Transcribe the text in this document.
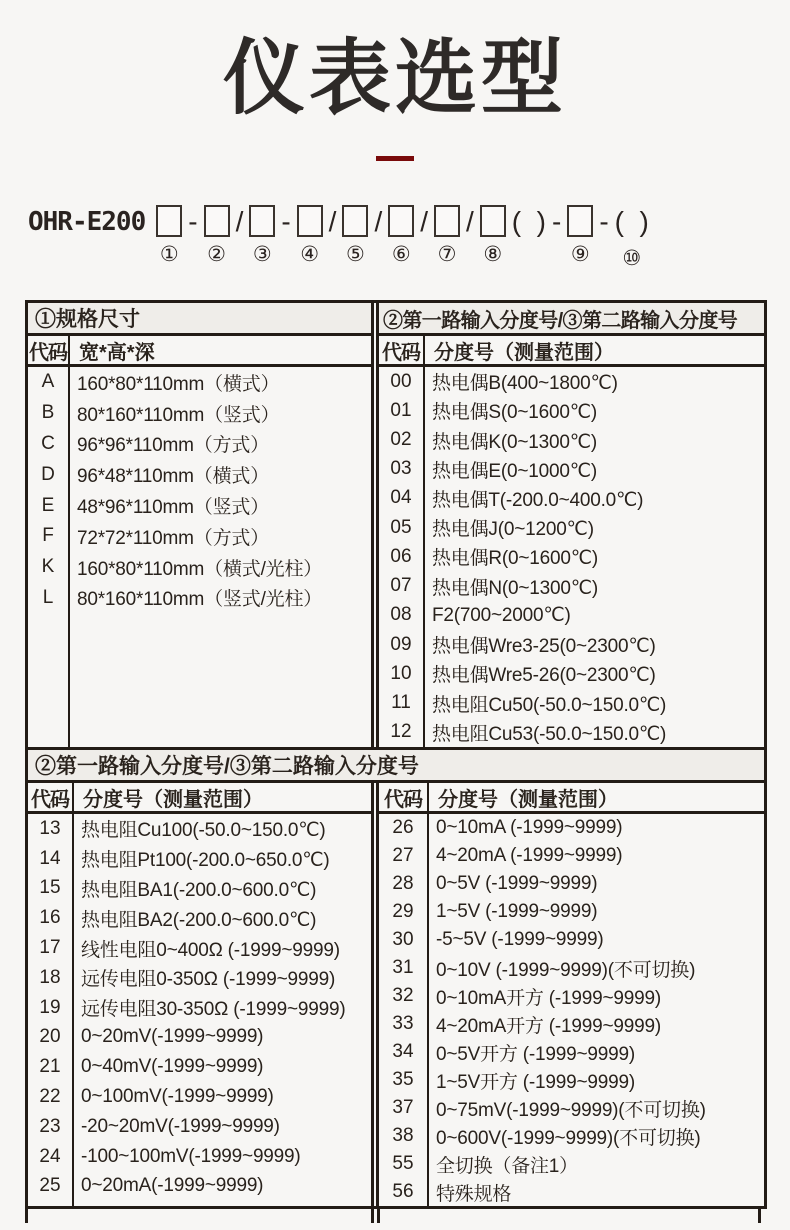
仪表选型
OHR-E200
①
-
②
/
③
-
④
/
⑤
/
⑥
/
⑦
/
⑧
(  ) -
⑨
- (  )
⑩
①规格尺寸	②第一路输入分度号/③第二路输入分度号
代码 宽*高*深	代码 分度号（测量范围）
A	160*80*110mm（横式）
B	80*160*110mm（竖式）
C	96*96*110mm（方式）
D	96*48*110mm（横式）
E	48*96*110mm（竖式）
F	72*72*110mm（方式）
K	160*80*110mm（横式/光柱）
L	80*160*110mm（竖式/光柱）
00	热电偶B(400~1800℃)
01	热电偶S(0~1600℃)
02	热电偶K(0~1300℃)
03	热电偶E(0~1000℃)
04	热电偶T(-200.0~400.0℃)
05	热电偶J(0~1200℃)
06	热电偶R(0~1600℃)
07	热电偶N(0~1300℃)
08	F2(700~2000℃)
09	热电偶Wre3-25(0~2300℃)
10	热电偶Wre5-26(0~2300℃)
11	热电阻Cu50(-50.0~150.0℃)
12	热电阻Cu53(-50.0~150.0℃)
②第一路输入分度号/③第二路输入分度号
代码 分度号（测量范围）	代码 分度号（测量范围）
13	热电阻Cu100(-50.0~150.0℃)
14	热电阻Pt100(-200.0~650.0℃)
15	热电阻BA1(-200.0~600.0℃)
16	热电阻BA2(-200.0~600.0℃)
17	线性电阻0~400Ω (-1999~9999)
18	远传电阻0-350Ω (-1999~9999)
19	远传电阻30-350Ω (-1999~9999)
20	0~20mV(-1999~9999)
21	0~40mV(-1999~9999)
22	0~100mV(-1999~9999)
23	-20~20mV(-1999~9999)
24	-100~100mV(-1999~9999)
25	0~20mA(-1999~9999)
26	0~10mA (-1999~9999)
27	4~20mA (-1999~9999)
28	0~5V (-1999~9999)
29	1~5V (-1999~9999)
30	-5~5V (-1999~9999)
31	0~10V (-1999~9999)(不可切换)
32	0~10mA开方 (-1999~9999)
33	4~20mA开方 (-1999~9999)
34	0~5V开方 (-1999~9999)
35	1~5V开方 (-1999~9999)
37	0~75mV(-1999~9999)(不可切换)
38	0~600V(-1999~9999)(不可切换)
55	全切换（备注1）
56	特殊规格
